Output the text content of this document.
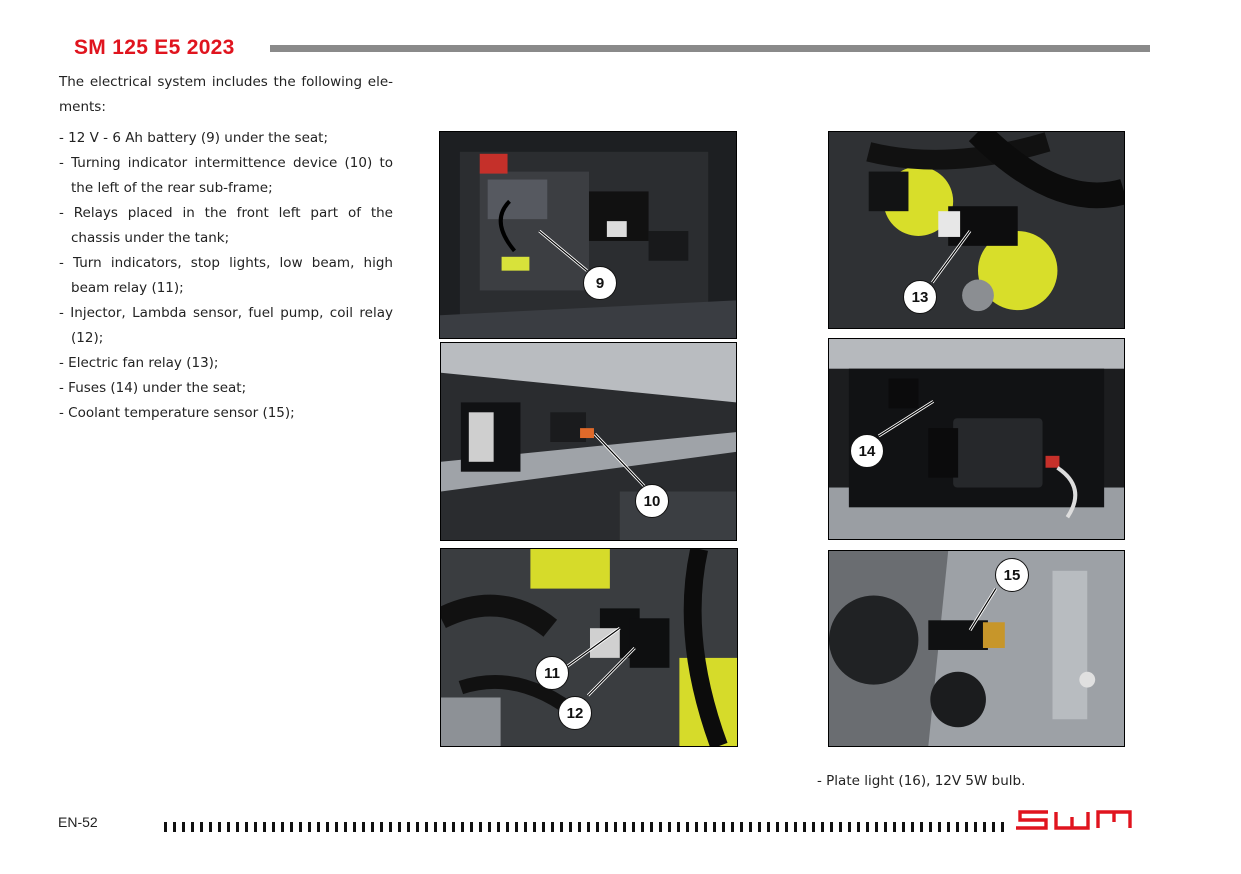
SM 125 E5 2023

The electrical system includes the following ele-ments:

- 12 V - 6 Ah battery (9) under the seat;
- Turning indicator intermittence device (10) to the left of the rear sub-frame;
- Relays placed in the front left part of the chassis under the tank;
- Turn indicators, stop lights, low beam, high beam relay (11);
- Injector, Lambda sensor, fuel pump, coil relay (12);
- Electric fan relay (13);
- Fuses (14) under the seat;
- Coolant temperature sensor (15);
9
10
11
12
13
14
15
- Plate light (16), 12V 5W bulb.
EN-52
